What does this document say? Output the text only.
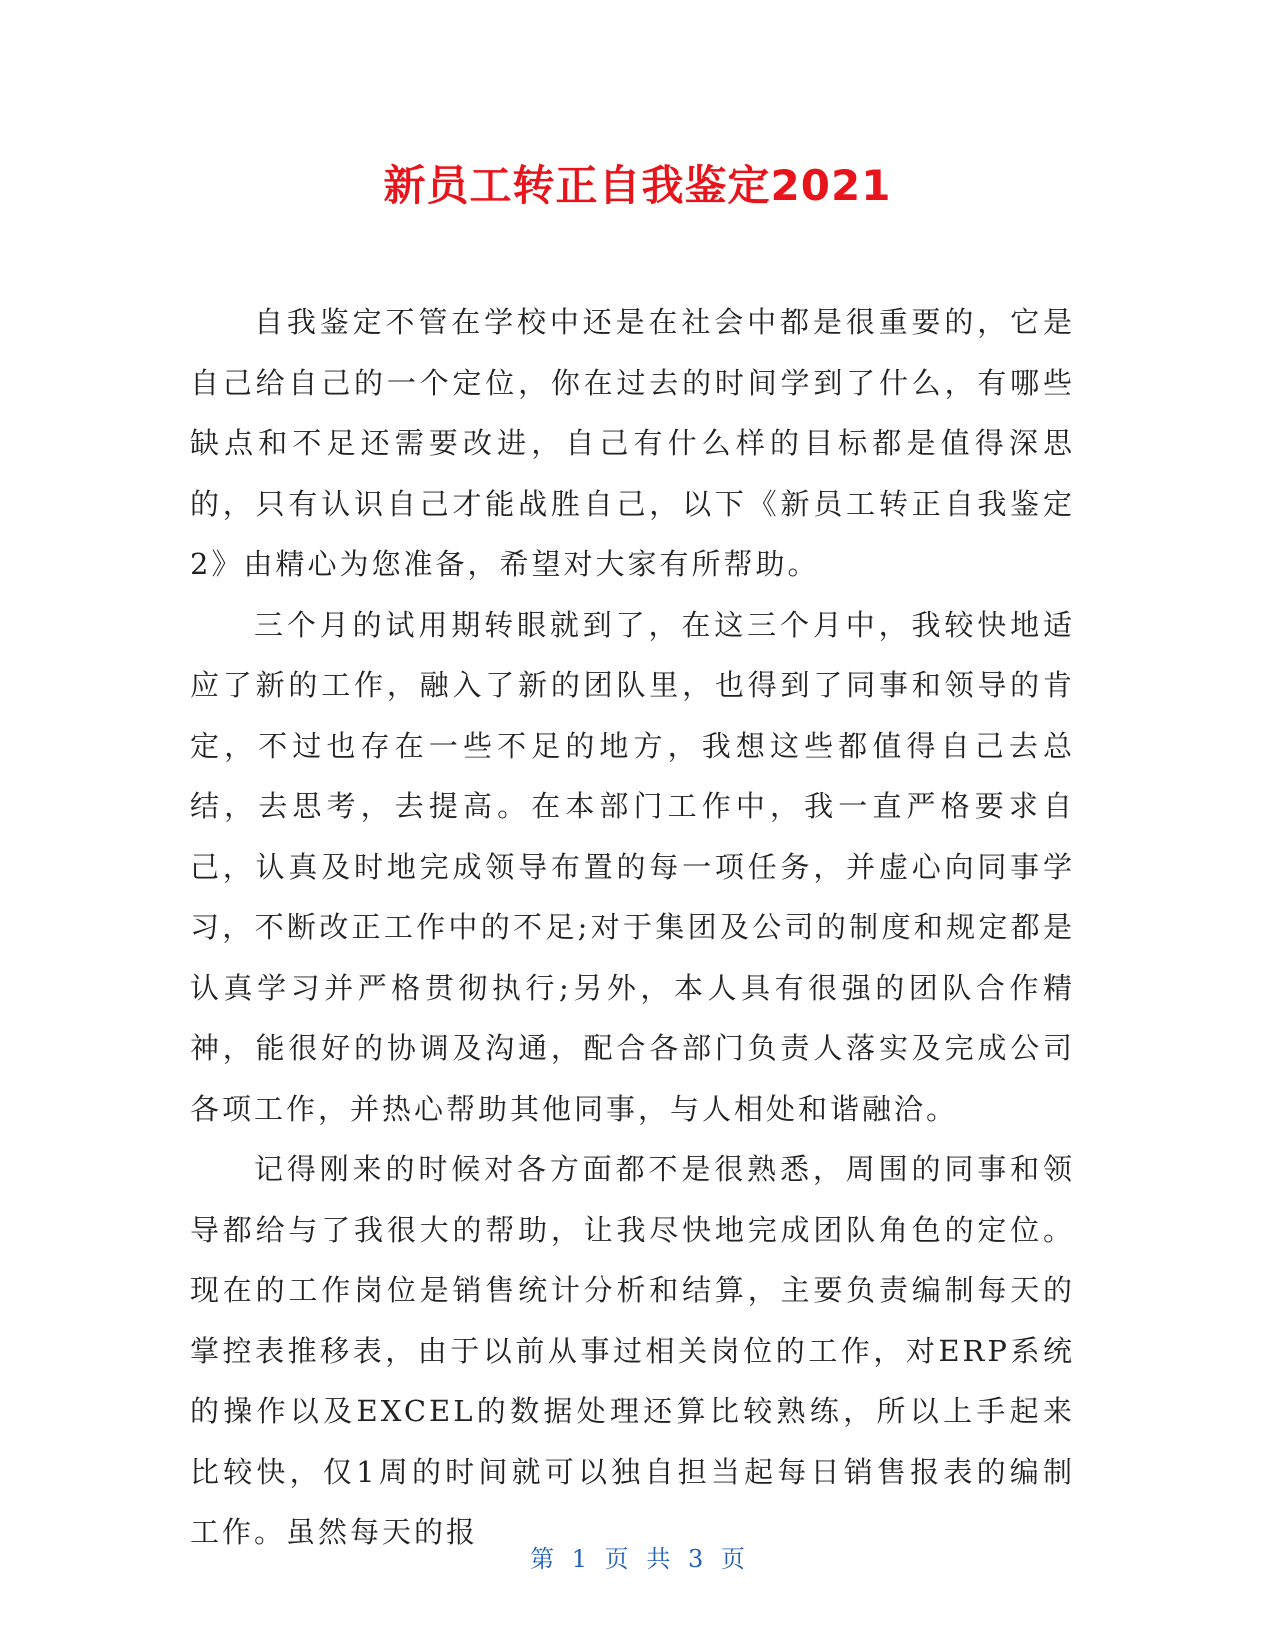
新员工转正自我鉴定2021

自我鉴定不管在学校中还是在社会中都是很重要的，它是自己给自己的一个定位，你在过去的时间学到了什么，有哪些缺点和不足还需要改进，自己有什么样的目标都是值得深思的，只有认识自己才能战胜自己，以下《新员工转正自我鉴定2》由精心为您准备，希望对大家有所帮助。

三个月的试用期转眼就到了，在这三个月中，我较快地适应了新的工作，融入了新的团队里，也得到了同事和领导的肯定，不过也存在一些不足的地方，我想这些都值得自己去总结，去思考，去提高。在本部门工作中，我一直严格要求自己，认真及时地完成领导布置的每一项任务，并虚心向同事学习，不断改正工作中的不足;对于集团及公司的制度和规定都是认真学习并严格贯彻执行;另外，本人具有很强的团队合作精神，能很好的协调及沟通，配合各部门负责人落实及完成公司各项工作，并热心帮助其他同事，与人相处和谐融洽。

记得刚来的时候对各方面都不是很熟悉，周围的同事和领导都给与了我很大的帮助，让我尽快地完成团队角色的定位。现在的工作岗位是销售统计分析和结算，主要负责编制每天的掌控表推移表，由于以前从事过相关岗位的工作，对ERP系统的操作以及EXCEL的数据处理还算比较熟练，所以上手起来比较快，仅1周的时间就可以独自担当起每日销售报表的编制工作。虽然每天的报

第 1 页 共 3 页
